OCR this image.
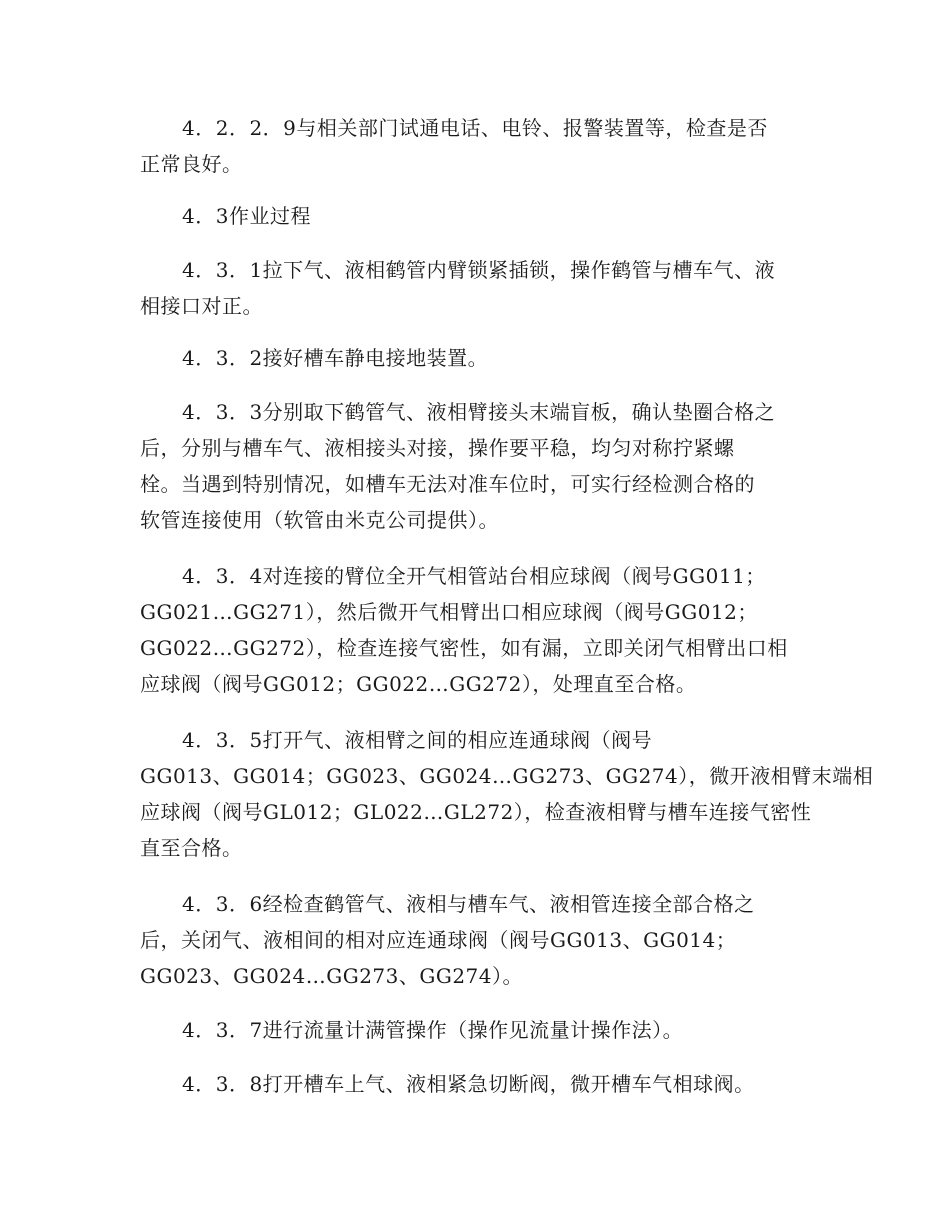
4．2．2．9与相关部门试通电话、电铃、报警装置等，检查是否
正常良好。

4．3作业过程

4．3．1拉下气、液相鹤管内臂锁紧插锁，操作鹤管与槽车气、液
相接口对正。

4．3．2接好槽车静电接地装置。

4．3．3分别取下鹤管气、液相臂接头末端盲板，确认垫圈合格之
后，分别与槽车气、液相接头对接，操作要平稳，均匀对称拧紧螺
栓。当遇到特别情况，如槽车无法对准车位时，可实行经检测合格的
软管连接使用（软管由米克公司提供）。

4．3．4对连接的臂位全开气相管站台相应球阀（阀号GG011；
GG021…GG271），然后微开气相臂出口相应球阀（阀号GG012；
GG022…GG272），检查连接气密性，如有漏，立即关闭气相臂出口相
应球阀（阀号GG012；GG022…GG272），处理直至合格。

4．3．5打开气、液相臂之间的相应连通球阀（阀号
GG013、GG014；GG023、GG024…GG273、GG274），微开液相臂末端相
应球阀（阀号GL012；GL022…GL272），检查液相臂与槽车连接气密性
直至合格。

4．3．6经检查鹤管气、液相与槽车气、液相管连接全部合格之
后，关闭气、液相间的相对应连通球阀（阀号GG013、GG014；
GG023、GG024…GG273、GG274）。

4．3．7进行流量计满管操作（操作见流量计操作法）。

4．3．8打开槽车上气、液相紧急切断阀，微开槽车气相球阀。
